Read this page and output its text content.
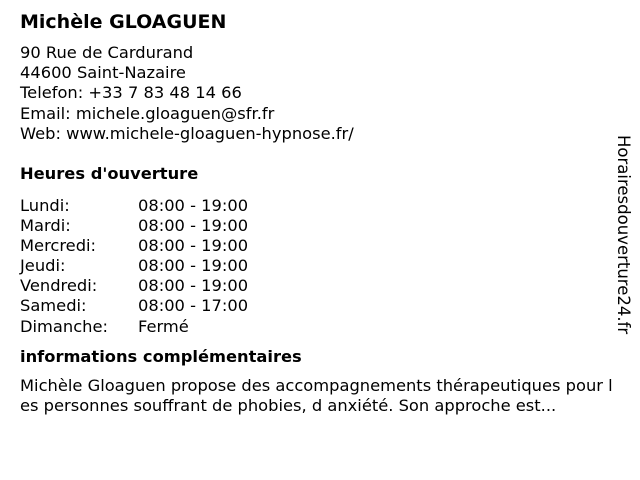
Michèle GLOAGUEN
90 Rue de Cardurand
44600 Saint-Nazaire
Telefon: +33 7 83 48 14 66
Email: michele.gloaguen@sfr.fr
Web: www.michele-gloaguen-hypnose.fr/
Heures d'ouverture
Lundi:	08:00 - 19:00
Mardi:	08:00 - 19:00
Mercredi:	08:00 - 19:00
Jeudi:	08:00 - 19:00
Vendredi:	08:00 - 19:00
Samedi:	08:00 - 17:00
Dimanche:	Fermé
informations complémentaires
Michèle Gloaguen propose des accompagnements thérapeutiques pour les personnes souffrant de phobies, d anxiété. Son approche est...
Horairesdouverture24.fr
